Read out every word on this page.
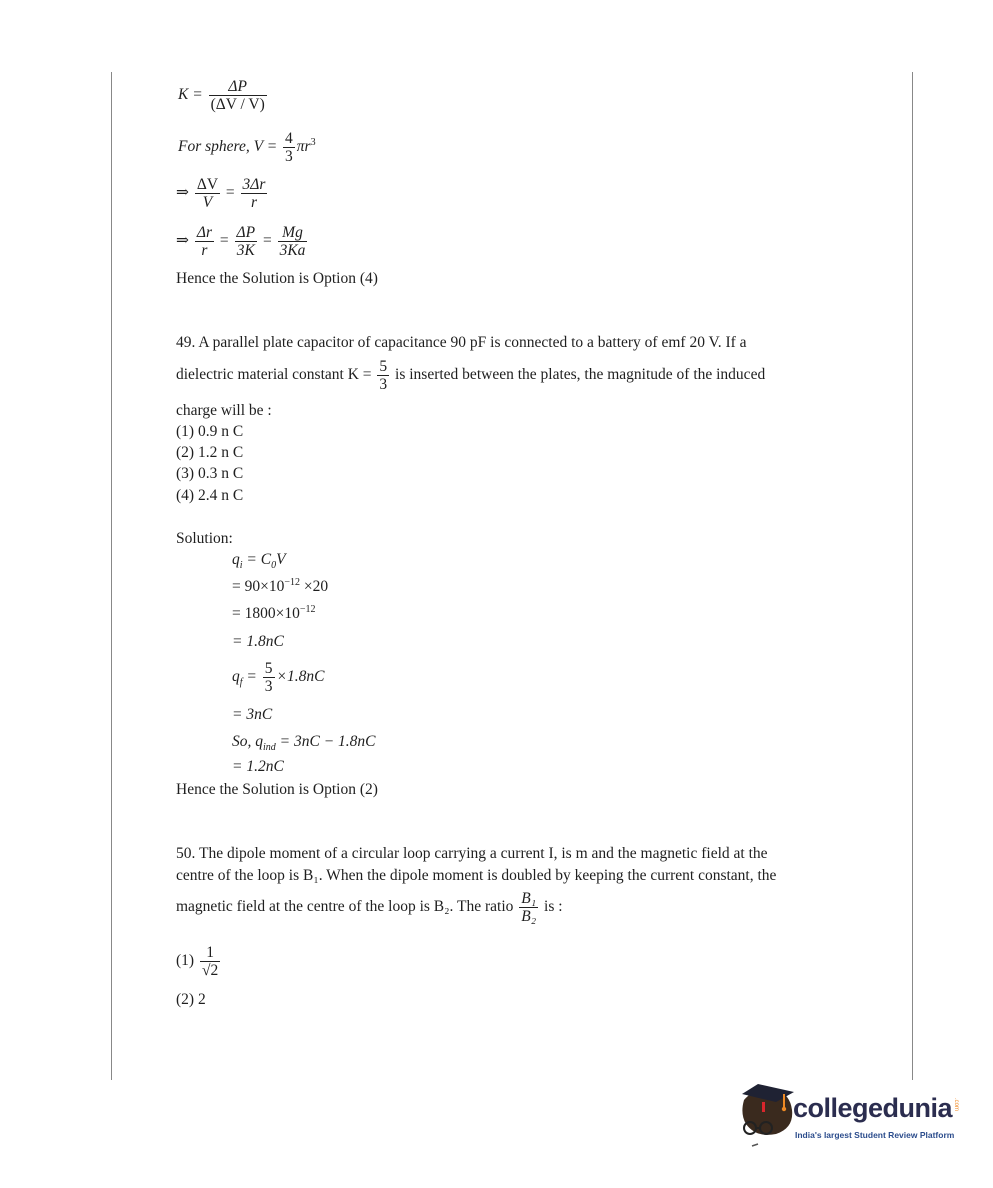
$K = \frac{\Delta P}{(\Delta V / V)}$
For sphere, $V = \frac{4}{3} \pi r^3$
⇒ $\frac{\Delta V}{V} = \frac{3\Delta r}{r}$
⇒ $\frac{\Delta r}{r} = \frac{\Delta P}{3K} = \frac{Mg}{3Ka}$
Hence the Solution is Option (4)
49. A parallel plate capacitor of capacitance 90 pF is connected to a battery of emf 20 V. If a
dielectric material constant $K = \frac{5}{3}$ is inserted between the plates, the magnitude of the induced
charge will be :
(1) 0.9 n C
(2) 1.2 n C
(3) 0.3 n C
(4) 2.4 n C
Solution:
$q_i = C_0V$
= $90\times 10^{-12} \times 20$
= $1800\times 10^{-12}$
= 1.8nC
$q_f = \frac{5}{3} \times 1.8nC$
= 3nC
So, $q_{ind} = 3nC - 1.8nC$
= 1.2nC
Hence the Solution is Option (2)
50. The dipole moment of a circular loop carrying a current I, is m and the magnetic field at the
centre of the loop is B₁. When the dipole moment is doubled by keeping the current constant, the
magnetic field at the centre of the loop is B₂. The ratio $\frac{\text{B₁}}{\text{B₂}}$ is :
$(1) \frac{1}{√2}$
(2) 2
collegedunia .com
India's largest Student Review Platform
